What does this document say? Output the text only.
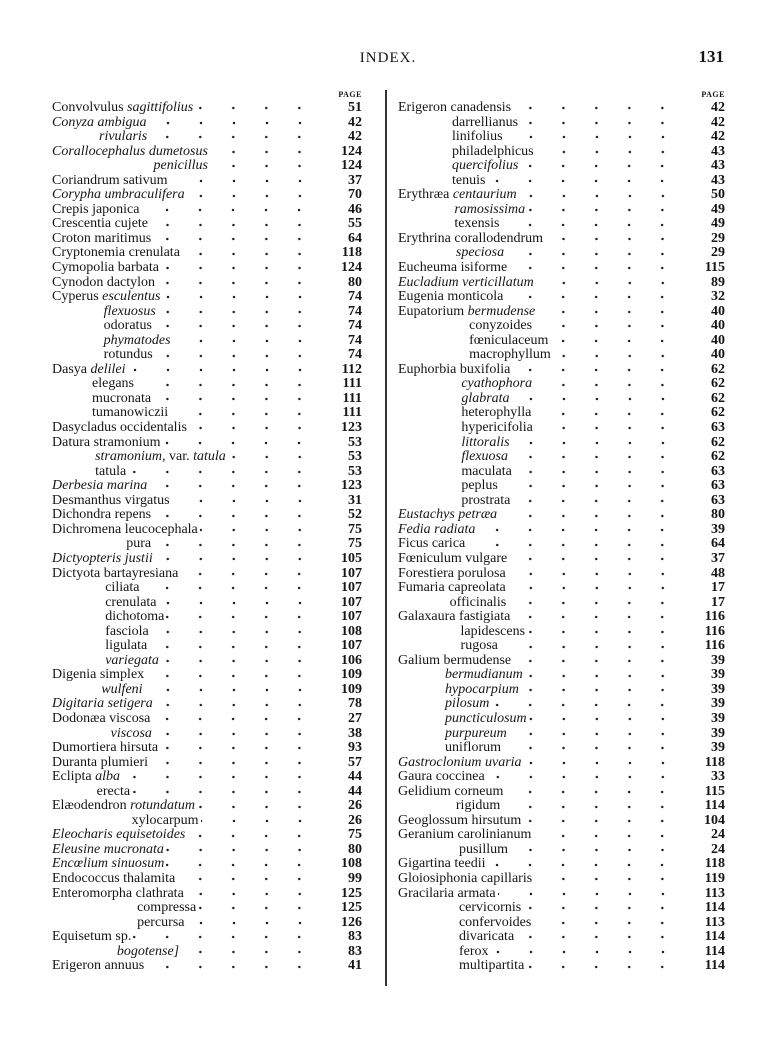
INDEX.	131
PAGE
Convolvulus sagittifolius	51
Conyza ambigua	42
rivularis	42
Corallocephalus dumetosus	124
penicillus	124
Coriandrum sativum	37
Corypha umbraculifera	70
Crepis japonica	46
Crescentia cujete	55
Croton maritimus	64
Cryptonemia crenulata	118
Cymopolia barbata	124
Cynodon dactylon	80
Cyperus esculentus	74
flexuosus	74
odoratus	74
phymatodes	74
rotundus	74
Dasya delilei	112
elegans	111
mucronata	111
tumanowiczii	111
Dasycladus occidentalis	123
Datura stramonium	53
stramonium, var. tatula	53
tatula	53
Derbesia marina	123
Desmanthus virgatus	31
Dichondra repens	52
Dichromena leucocephala	75
pura	75
Dictyopteris justii	105
Dictyota bartayresiana	107
ciliata	107
crenulata	107
dichotoma	107
fasciola	108
ligulata	107
variegata	106
Digenia simplex	109
wulfeni	109
Digitaria setigera	78
Dodonæa viscosa	27
viscosa	38
Dumortiera hirsuta	93
Duranta plumieri	57
Eclipta alba	44
erecta	44
Elæodendron rotundatum	26
xylocarpum	26
Eleocharis equisetoides	75
Eleusine mucronata	80
Encœlium sinuosum	108
Endococcus thalamita	99
Enteromorpha clathrata	125
compressa	125
percursa	126
Equisetum sp.	83
bogotense]	83
Erigeron annuus	41
PAGE
Erigeron canadensis	42
darrellianus	42
linifolius	42
philadelphicus	43
quercifolius	43
tenuis	43
Erythræa centaurium	50
ramosissima	49
texensis	49
Erythrina corallodendrum	29
speciosa	29
Eucheuma isiforme	115
Eucladium verticillatum	89
Eugenia monticola	32
Eupatorium bermudense	40
conyzoides	40
fœniculaceum	40
macrophyllum	40
Euphorbia buxifolia	62
cyathophora	62
glabrata	62
heterophylla	62
hypericifolia	63
littoralis	62
flexuosa	62
maculata	63
peplus	63
prostrata	63
Eustachys petræa	80
Fedia radiata	39
Ficus carica	64
Fœniculum vulgare	37
Forestiera porulosa	48
Fumaria capreolata	17
officinalis	17
Galaxaura fastigiata	116
lapidescens	116
rugosa	116
Galium bermudense	39
bermudianum	39
hypocarpium	39
pilosum	39
puncticulosum	39
purpureum	39
uniflorum	39
Gastroclonium uvaria	118
Gaura coccinea	33
Gelidium corneum	115
rigidum	114
Geoglossum hirsutum	104
Geranium carolinianum	24
pusillum	24
Gigartina teedii	118
Gloiosiphonia capillaris	119
Gracilaria armata	113
cervicornis	114
confervoides	113
divaricata	114
ferox	114
multipartita	114
